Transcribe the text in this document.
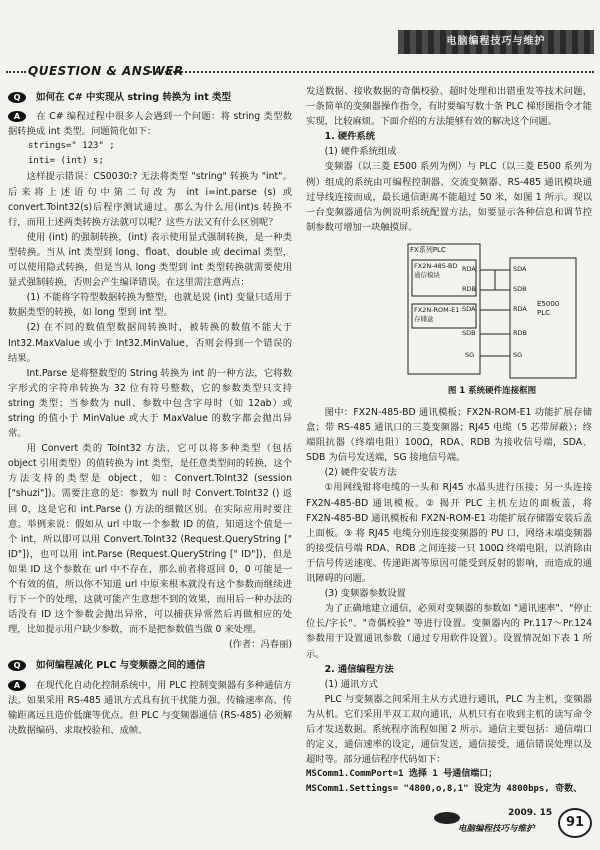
电脑编程技巧与维护
QUESTION & ANSWER

Q 如何在 C# 中实现从 string 转换为 int 类型

A 在 C# 编程过程中很多人会遇到一个问题：将 string 类型数据转换成 int 类型。问题简化如下：

strings=" 123" ;

inti= (int) s;

这样提示错误：CS0030:? 无法将类型 "string" 转换为 "int"。后来将上述语句中第二句改为 int i=int.parse (s) 或 convert.Toint32(s)后程序测试通过。那么为什么用(int)s 转换不行，而用上述两类转换方法就可以呢？这些方法又有什么区别呢？

使用 (int) 的强制转换，(int) 表示使用显式强制转换，是一种类型转换。当从 int 类型到 long、float、double 或 decimal 类型，可以使用隐式转换，但是当从 long 类型到 int 类型转换就需要使用显式强制转换，否则会产生编译错误。在这里需注意两点：

(1) 不能将字符型数据转换为整型，也就是说 (int) 变量只适用于数据类型的转换，如 long 型到 int 型。

(2) 在不同的数值型数据间转换时，被转换的数值不能大于 Int32.MaxValue 或小于 Int32.MinValue，否则会得到一个错误的结果。

Int.Parse 是将整数型的 String 转换为 int 的一种方法，它将数字形式的字符串转换为 32 位有符号整数，它的参数类型只支持 string 类型；当参数为 null、参数中包含字母时（如 12ab）或 string 的值小于 MinValue 或大于 MaxValue 的数字都会抛出异常。

用 Convert 类的 ToInt32 方法，它可以将多种类型（包括 object 引用类型）的值转换为 int 类型，是任意类型间的转换，这个方法支持的类型是 object，如：Convert.ToInt32 (session ["shuzi"])。需要注意的是：参数为 null 时 Convert.ToInt32 () 返回 0，这是它和 int.Parse () 方法的细微区别。在实际应用时要注意。举例来说：假如从 url 中取一个参数 ID 的值，知道这个值是一个 int，所以即可以用 Convert.ToInt32 (Request.QueryString [" ID"])，也可以用 int.Parse (Request.QueryString [" ID"])，但是如果 ID 这个参数在 url 中不存在，那么前者将返回 0，0 可能是一个有效的值，所以你不知道 url 中原来根本就没有这个参数而继续进行下一个的处理，这就可能产生意想不到的效果，而用后一种办法的话没有 ID 这个参数会抛出异常，可以捕获异常然后再做相应的处理，比如提示用户缺少参数，而不是把参数值当做 0 来处理。

(作者：冯春丽)

Q 如何编程减化 PLC 与变频器之间的通信

A 在现代化自动化控制系统中，用 PLC 控制变频器有多种通信方法。如果采用 RS-485 通讯方式具有抗干扰能力强、传输速率高、传输距离远且造价低廉等优点。但 PLC 与变频器通信 (RS-485) 必须解决数据编码、求取校验和、成帧、

发送数据、接收数据的奇偶校验、超时处理和出错重发等技术问题，一条简单的变频器操作指令，有时要编写数十条 PLC 梯形图指令才能实现，比较麻烦。下面介绍的方法能够有效的解决这个问题。

1. 硬件系统

(1) 硬件系统组成

变频器（以三菱 E500 系列为例）与 PLC（以三菱 E500 系列为例）组成的系统由可编程控制器、交流变频器、RS-485 通讯模块通过导线连接而成，最长通信距离不能超过 50 米，如图 1 所示。现以一台变频器通信为例说明系统配置方法，如要显示各种信息和调节控制参数可增加一块触摸屏。

FX系列PLC
FX2N-485-BD
通信模块
FX2N-ROM-E1
存储盒
E5000
PLC
RDA
RDB
SDA
SDB
SG
SDA
SDB
RDA
RDB
SG
图 1 系统硬件连接框图

图中：FX2N-485-BD 通讯模板；FX2N-ROM-E1 功能扩展存储盒；带 RS-485 通讯口的三菱变频器；RJ45 电缆（5 芯带屏蔽）；终端阻抗器（终端电阻）100Ω，RDA、RDB 为接收信号端，SDA、SDB 为信号发送端，SG 接地信号端。

(2) 硬件安装方法

①用网线钳将电缆的一头和 RJ45 水晶头进行压接；另一头连接 FX2N-485-BD 通讯模板。② 揭开 PLC 主机左边的面板盖，将 FX2N-485-BD 通讯模板和 FX2N-ROM-E1 功能扩展存储器安装后盖上面板。③ 将 RJ45 电缆分别连接变频器的 PU 口，网络末端变频器的接受信号端 RDA、RDB 之间连接一只 100Ω 终端电阻，以消除由于信号传送速度、传递距离等原因可能受到反射的影响，而造成的通讯障碍的问题。

(3) 变频器参数设置

为了正确地建立通信，必须对变频器的参数如 "通讯速率"、"停止位长/字长"、"奇偶校验" 等进行设置。变频器内的 Pr.117～Pr.124 参数用于设置通讯参数（通过专用软件设置）。设置情况如下表 1 所示。

2. 通信编程方法

(1) 通讯方式

PLC 与变频器之间采用主从方式进行通讯，PLC 为主机，变频器为从机。它们采用半双工双向通讯，从机只有在收到主机的读写命令后才发送数据。系统程序流程如图 2 所示。通信主要包括：通信端口的定义，通信速率的设定，通信发送，通信接受，通信错误处理以及超时等。部分通信程序代码如下：

MSComm1.CommPort=1 选择 1 号通信端口；

MSComm1.Settings= "4800,o,8,1" 设定为 4800bps, 奇数、

2009. 15
电脑编程技巧与维护	91
